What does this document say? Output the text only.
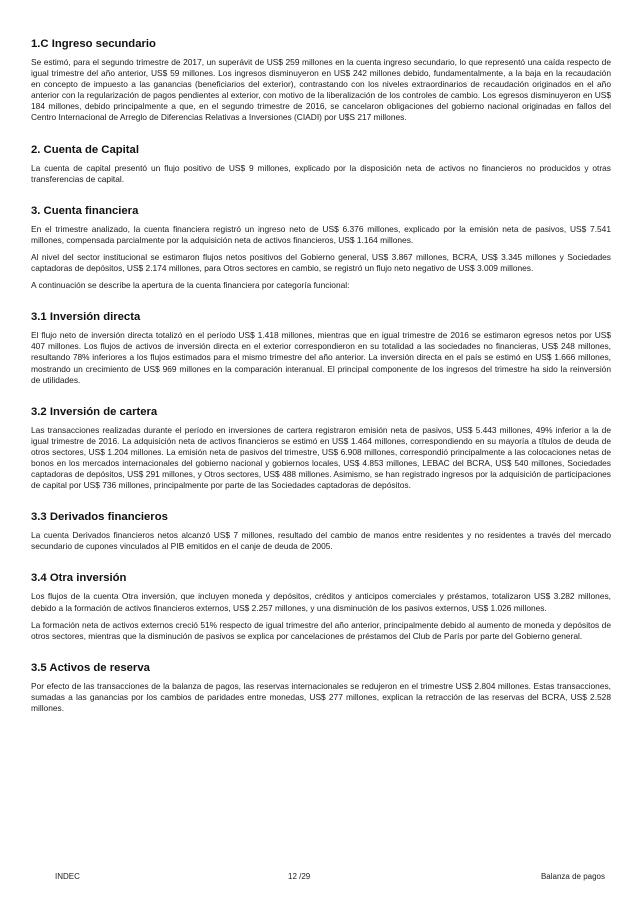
1.C Ingreso secundario

Se estimó, para el segundo trimestre de 2017, un superávit de US$ 259 millones en la cuenta ingreso secundario, lo que representó una caída respecto de igual trimestre del año anterior, US$ 59 millones. Los ingresos disminuyeron en US$ 242 millones debido, fundamentalmente, a la baja en la recaudación en concepto de impuesto a las ganancias (beneficiarios del exterior), contrastando con los niveles extraordinarios de recaudación originados en el año anterior con la regularización de pagos pendientes al exterior, con motivo de la liberalización de los controles de cambio. Los egresos disminuyeron en US$ 184 millones, debido principalmente a que, en el segundo trimestre de 2016, se cancelaron obligaciones del gobierno nacional originadas en fallos del Centro Internacional de Arreglo de Diferencias Relativas a Inversiones (CIADI) por U$S 217 millones.

2. Cuenta de Capital

La cuenta de capital presentó un flujo positivo de US$ 9 millones, explicado por la disposición neta de activos no financieros no producidos y otras transferencias de capital.

3. Cuenta financiera

En el trimestre analizado, la cuenta financiera registró un ingreso neto de US$ 6.376 millones, explicado por la emisión neta de pasivos, US$ 7.541 millones, compensada parcialmente por la adquisición neta de activos financieros, US$ 1.164 millones.

Al nivel del sector institucional se estimaron flujos netos positivos del Gobierno general, US$ 3.867 millones, BCRA, US$ 3.345 millones y Sociedades captadoras de depósitos, US$ 2.174 millones, para Otros sectores en cambio, se registró un flujo neto negativo de US$ 3.009 millones.

A continuación se describe la apertura de la cuenta financiera por categoría funcional:

3.1 Inversión directa

El flujo neto de inversión directa totalizó en el período US$ 1.418 millones, mientras que en igual trimestre de 2016 se estimaron egresos netos por US$ 407 millones. Los flujos de activos de inversión directa en el exterior correspondieron en su totalidad a las sociedades no financieras, US$ 248 millones, resultando 78% inferiores a los flujos estimados para el mismo trimestre del año anterior. La inversión directa en el país se estimó en US$ 1.666 millones, mostrando un crecimiento de US$ 969 millones en la comparación interanual. El principal componente de los ingresos del trimestre ha sido la reinversión de utilidades.

3.2 Inversión de cartera

Las transacciones realizadas durante el período en inversiones de cartera registraron emisión neta de pasivos, US$ 5.443 millones, 49% inferior a la de igual trimestre de 2016. La adquisición neta de activos financieros se estimó en US$ 1.464 millones, correspondiendo en su mayoría a títulos de deuda de otros sectores, US$ 1.204 millones. La emisión neta de pasivos del trimestre, US$ 6.908 millones, correspondió principalmente a las colocaciones netas de bonos en los mercados internacionales del gobierno nacional y gobiernos locales, US$ 4.853 millones, LEBAC del BCRA, US$ 540 millones, Sociedades captadoras de depósitos, US$ 291 millones, y Otros sectores, US$ 488 millones. Asimismo, se han registrado ingresos por la adquisición de participaciones de capital por US$ 736 millones, principalmente por parte de las Sociedades captadoras de depósitos.

3.3 Derivados financieros

La cuenta Derivados financieros netos alcanzó US$ 7 millones, resultado del cambio de manos entre residentes y no residentes a través del mercado secundario de cupones vinculados al PIB emitidos en el canje de deuda de 2005.

3.4 Otra inversión

Los flujos de la cuenta Otra inversión, que incluyen moneda y depósitos, créditos y anticipos comerciales y préstamos, totalizaron US$ 3.282 millones, debido a la formación de activos financieros externos, US$ 2.257 millones, y una disminución de los pasivos externos, US$ 1.026 millones.

La formación neta de activos externos creció 51% respecto de igual trimestre del año anterior, principalmente debido al aumento de moneda y depósitos de otros sectores, mientras que la disminución de pasivos se explica por cancelaciones de préstamos del Club de París por parte del Gobierno general.

3.5 Activos de reserva

Por efecto de las transacciones de la balanza de pagos, las reservas internacionales se redujeron en el trimestre US$ 2.804 millones. Estas transacciones, sumadas a las ganancias por los cambios de paridades entre monedas, US$ 277 millones, explican la retracción de las reservas del BCRA, US$ 2.528 millones.

INDEC	12 /29	Balanza de pagos
